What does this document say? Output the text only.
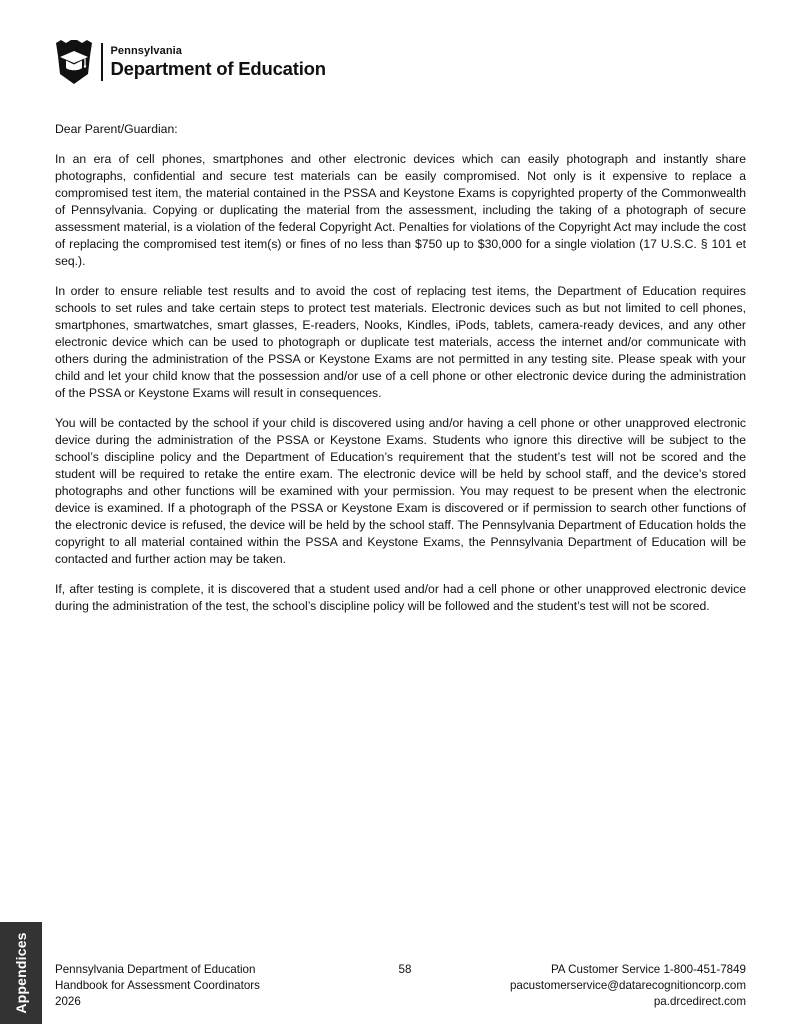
Pennsylvania
Department of Education

Dear Parent/Guardian:

In an era of cell phones, smartphones and other electronic devices which can easily photograph and instantly share photographs, confidential and secure test materials can be easily compromised. Not only is it expensive to replace a compromised test item, the material contained in the PSSA and Keystone Exams is copyrighted property of the Commonwealth of Pennsylvania. Copying or duplicating the material from the assessment, including the taking of a photograph of secure assessment material, is a violation of the federal Copyright Act. Penalties for violations of the Copyright Act may include the cost of replacing the compromised test item(s) or fines of no less than $750 up to $30,000 for a single violation (17 U.S.C. § 101 et seq.).

In order to ensure reliable test results and to avoid the cost of replacing test items, the Department of Education requires schools to set rules and take certain steps to protect test materials. Electronic devices such as but not limited to cell phones, smartphones, smartwatches, smart glasses, E-readers, Nooks, Kindles, iPods, tablets, camera-ready devices, and any other electronic device which can be used to photograph or duplicate test materials, access the internet and/or communicate with others during the administration of the PSSA or Keystone Exams are not permitted in any testing site. Please speak with your child and let your child know that the possession and/or use of a cell phone or other electronic device during the administration of the PSSA or Keystone Exams will result in consequences.

You will be contacted by the school if your child is discovered using and/or having a cell phone or other unapproved electronic device during the administration of the PSSA or Keystone Exams. Students who ignore this directive will be subject to the school’s discipline policy and the Department of Education’s requirement that the student’s test will not be scored and the student will be required to retake the entire exam. The electronic device will be held by school staff, and the device’s stored photographs and other functions will be examined with your permission. You may request to be present when the electronic device is examined. If a photograph of the PSSA or Keystone Exam is discovered or if permission to search other functions of the electronic device is refused, the device will be held by the school staff. The Pennsylvania Department of Education holds the copyright to all material contained within the PSSA and Keystone Exams, the Pennsylvania Department of Education will be contacted and further action may be taken.

If, after testing is complete, it is discovered that a student used and/or had a cell phone or other unapproved electronic device during the administration of the test, the school’s discipline policy will be followed and the student’s test will not be scored.

Appendices Pennsylvania Department of Education
Handbook for Assessment Coordinators
2026
58	PA Customer Service 1-800-451-7849
pacustomerservice@datarecognitioncorp.com
pa.drcedirect.com
